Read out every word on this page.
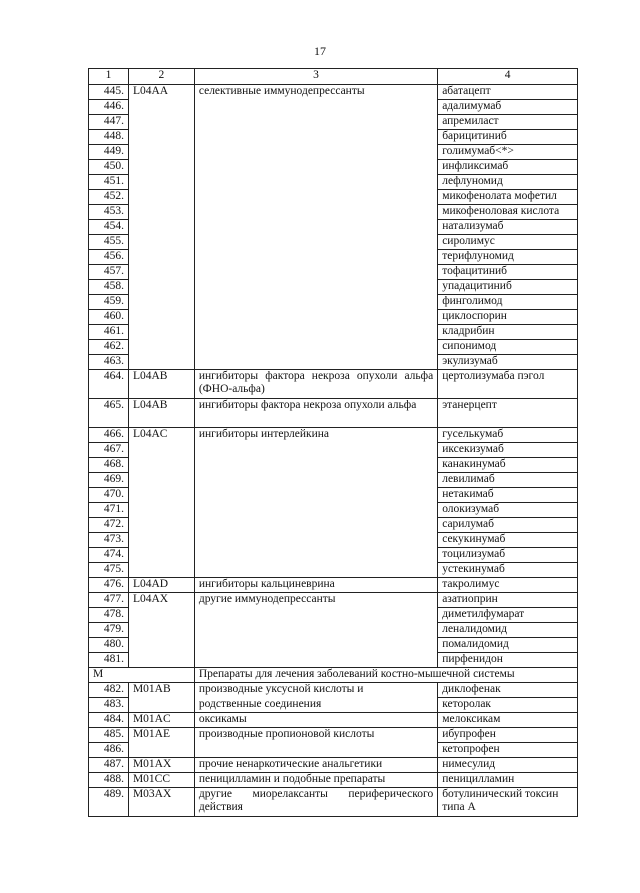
17
1	2	3	4
445.	L04AA	селективные иммунодепрессанты	абатацепт
446.			адалимумаб
447.			апремиласт
448.			барицитиниб
449.			голимумаб<*>
450.			инфликсимаб
451.			лефлуномид
452.			микофенолата мофетил
453.			микофеноловая кислота
454.			натализумаб
455.			сиролимус
456.			терифлуномид
457.			тофацитиниб
458.			упадацитиниб
459.			финголимод
460.			циклоспорин
461.			кладрибин
462.			сипонимод
463.			экулизумаб
464.	L04AB	ингибиторы фактора некроза опухоли альфа (ФНО-альфа)	цертолизумаба пэгол
465.	L04AB	ингибиторы фактора некроза опухоли альфа	этанерцепт
466.	L04AC	ингибиторы интерлейкина	гуселькумаб
467.			иксекизумаб
468.			канакинумаб
469.			левилимаб
470.			нетакимаб
471.			олокизумаб
472.			сарилумаб
473.			секукинумаб
474.			тоцилизумаб
475.			устекинумаб
476.	L04AD	ингибиторы кальциневрина	такролимус
477.	L04AX	другие иммунодепрессанты	азатиоприн
478.			диметилфумарат
479.			леналидомид
480.			помалидомид
481.			пирфенидон
М		Препараты для лечения заболеваний костно-мышечной системы	
482.	M01AB	производные уксусной кислоты и	диклофенак
483.		родственные соединения	кеторолак
484.	M01AC	оксикамы	мелоксикам
485.	M01AE	производные пропионовой кислоты	ибупрофен
486.			кетопрофен
487.	M01AX	прочие ненаркотические анальгетики	нимесулид
488.	M01CC	пеницилламин и подобные препараты	пеницилламин
489.	M03AX	другие миорелаксанты периферического действия	ботулинический токсин типа А
